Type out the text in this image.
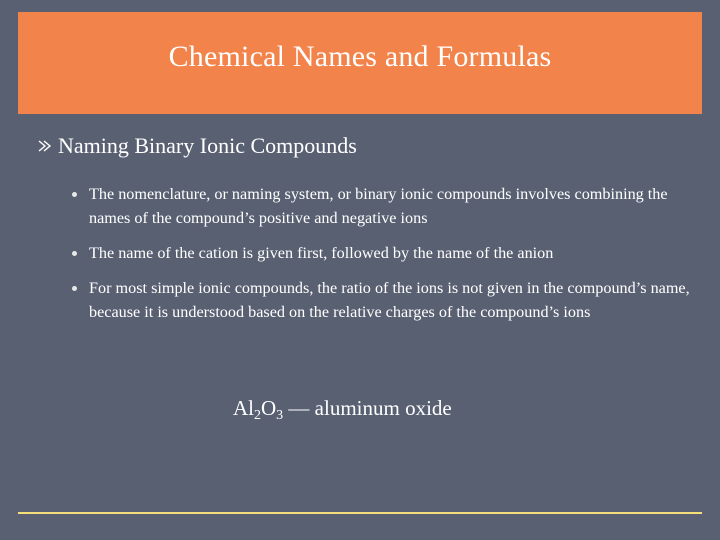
Chemical Names and Formulas
Naming Binary Ionic Compounds
The nomenclature, or naming system, or binary ionic compounds involves combining the names of the compound’s positive and negative ions
The name of the cation is given first, followed by the name of the anion
For most simple ionic compounds, the ratio of the ions is not given in the compound’s name, because it is understood based on the relative charges of the compound’s ions
$Al_2O_3$ — aluminum oxide
